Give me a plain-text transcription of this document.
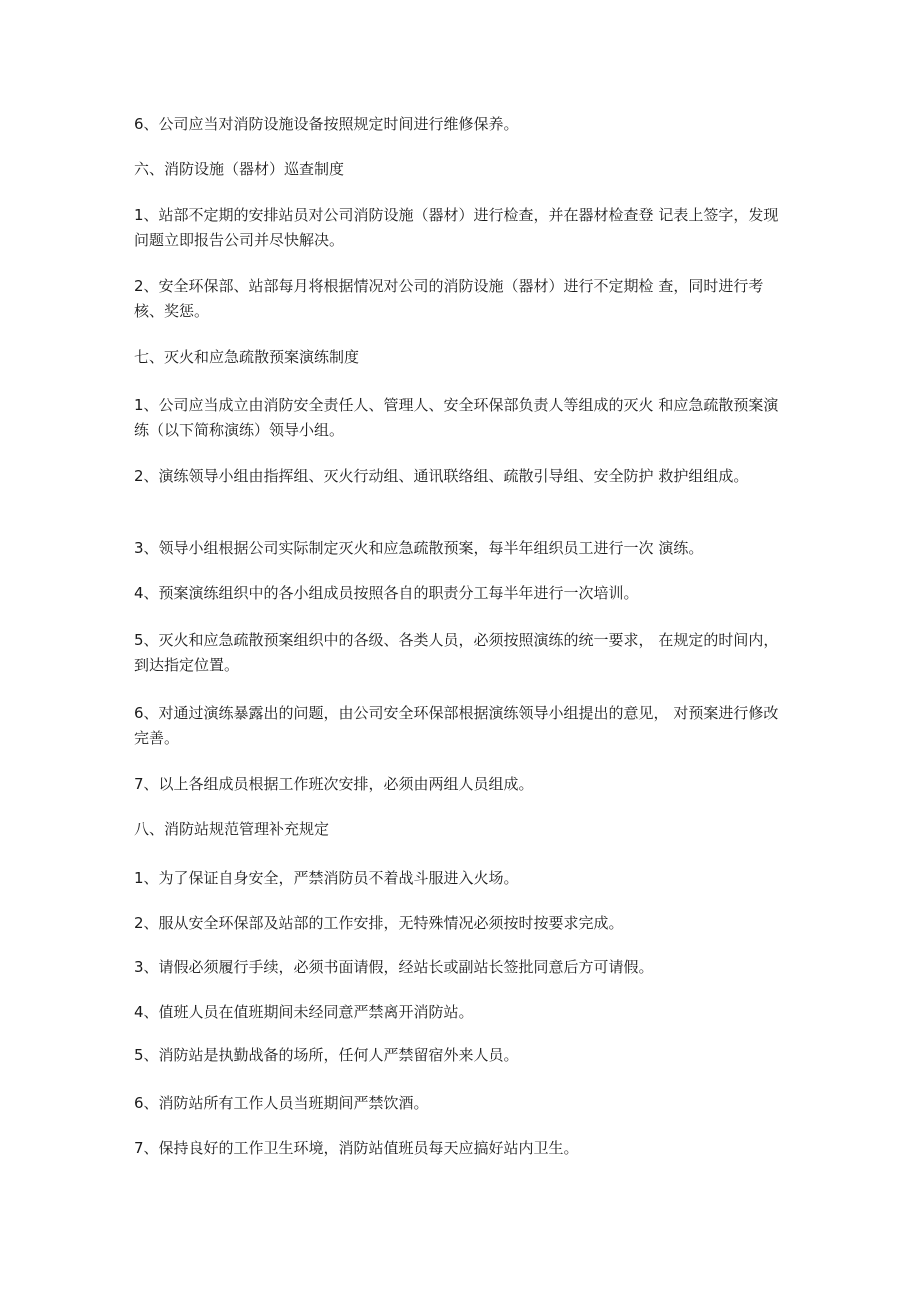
6、公司应当对消防设施设备按照规定时间进行维修保养。

六、消防设施（器材）巡查制度

1、站部不定期的安排站员对公司消防设施（器材）进行检查，并在器材检查登 记表上签字，发现问题立即报告公司并尽快解决。

2、安全环保部、站部每月将根据情况对公司的消防设施（器材）进行不定期检 查，同时进行考核、奖惩。

七、灭火和应急疏散预案演练制度

1、公司应当成立由消防安全责任人、管理人、安全环保部负责人等组成的灭火 和应急疏散预案演练（以下简称演练）领导小组。

2、演练领导小组由指挥组、灭火行动组、通讯联络组、疏散引导组、安全防护 救护组组成。

3、领导小组根据公司实际制定灭火和应急疏散预案，每半年组织员工进行一次 演练。

4、预案演练组织中的各小组成员按照各自的职责分工每半年进行一次培训。

5、灭火和应急疏散预案组织中的各级、各类人员，必须按照演练的统一要求， 在规定的时间内，到达指定位置。

6、对通过演练暴露出的问题，由公司安全环保部根据演练领导小组提出的意见， 对预案进行修改完善。

7、以上各组成员根据工作班次安排，必须由两组人员组成。

八、消防站规范管理补充规定

1、为了保证自身安全，严禁消防员不着战斗服进入火场。

2、服从安全环保部及站部的工作安排，无特殊情况必须按时按要求完成。

3、请假必须履行手续，必须书面请假，经站长或副站长签批同意后方可请假。

4、值班人员在值班期间未经同意严禁离开消防站。

5、消防站是执勤战备的场所，任何人严禁留宿外来人员。

6、消防站所有工作人员当班期间严禁饮酒。

7、保持良好的工作卫生环境，消防站值班员每天应搞好站内卫生。
